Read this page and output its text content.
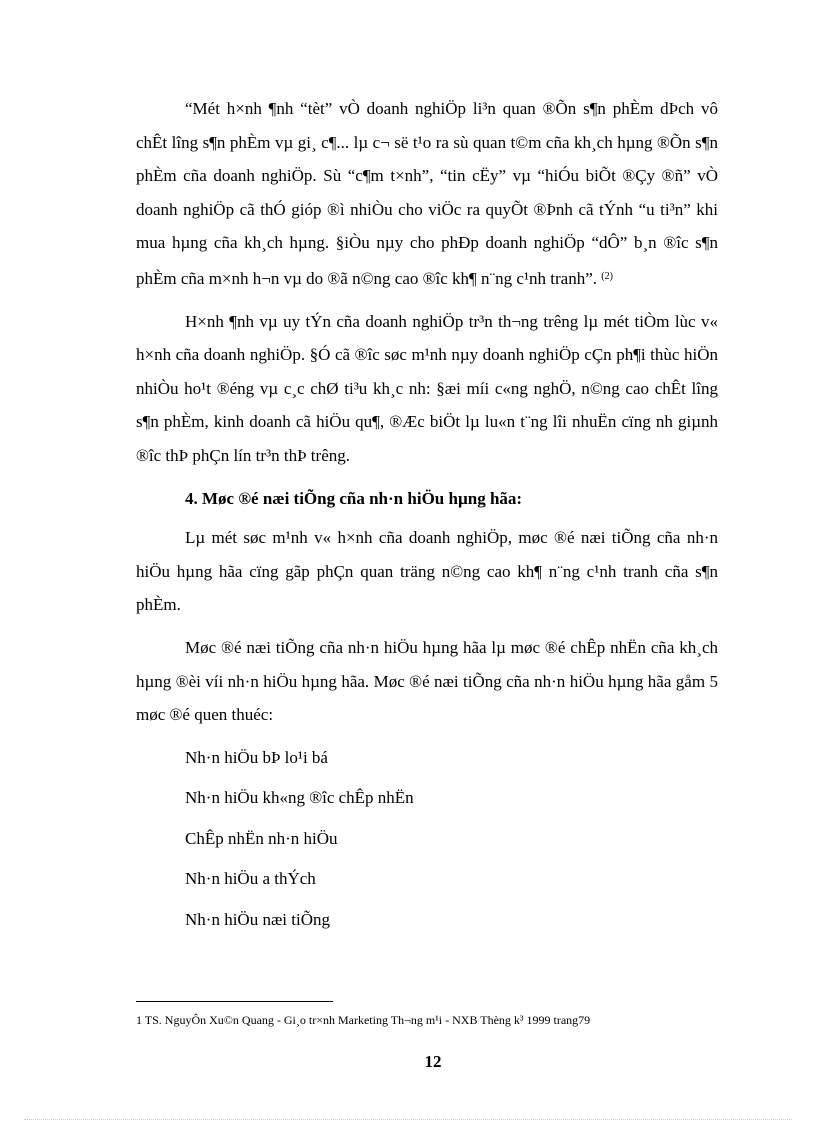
“Mét h×nh ¶nh “tèt” vÒ doanh nghiÖp li³n quan ®Õn s¶n phÈm dÞch vô chÊt lîng s¶n phÈm vµ gi¸ c¶... lµ c¬ së t¹o ra sù quan t©m cña kh¸ch hµng ®Õn s¶n phÈm cña doanh nghiÖp. Sù “c¶m t×nh”, “tin cËy” vµ “hiÓu biÕt ®Çy ®ñ” vÒ doanh nghiÖp cã thÓ gióp ®ì nhiÒu cho viÖc ra quyÕt ®Þnh cã tÝnh “u ti³n” khi mua hµng cña kh¸ch hµng. §iÒu nµy cho phÐp doanh nghiÖp “dÔ” b¸n ®îc s¶n phÈm cña m×nh h¬n vµ do ®ã n©ng cao ®îc kh¶ n¨ng c¹nh tranh”. $^{(2)}$

H×nh ¶nh vµ uy tÝn cña doanh nghiÖp tr³n th¬ng trêng lµ mét tiÒm lùc v« h×nh cña doanh nghiÖp. §Ó cã ®îc søc m¹nh nµy doanh nghiÖp cÇn ph¶i thùc hiÖn nhiÒu ho¹t ®éng vµ c¸c chØ ti³u kh¸c nh: §æi míi c«ng nghÖ, n©ng cao chÊt lîng s¶n phÈm, kinh doanh cã hiÖu qu¶, ®Æc biÖt lµ lu«n t¨ng lîi nhuËn cïng nh giµnh ®îc thÞ phÇn lín tr³n thÞ trêng.

4. Møc ®é næi tiÕng cña nh·n hiÖu hµng hãa:

Lµ mét søc m¹nh v« h×nh cña doanh nghiÖp, møc ®é næi tiÕng cña nh·n hiÖu hµng hãa cïng gãp phÇn quan träng n©ng cao kh¶ n¨ng c¹nh tranh cña s¶n phÈm.

Møc ®é næi tiÕng cña nh·n hiÖu hµng hãa lµ møc ®é chÊp nhËn cña kh¸ch hµng ®èi víi nh·n hiÖu hµng hãa. Møc ®é næi tiÕng cña nh·n hiÖu hµng hãa gåm 5 møc ®é quen thuéc:

Nh·n hiÖu bÞ lo¹i bá
Nh·n hiÖu kh«ng ®îc chÊp nhËn
ChÊp nhËn nh·n hiÖu
Nh·n hiÖu a thÝch
Nh·n hiÖu næi tiÕng
1 TS. NguyÔn Xu©n Quang - Gi¸o tr×nh Marketing Th¬ng m¹i - NXB Thèng k³ 1999 trang79
12
